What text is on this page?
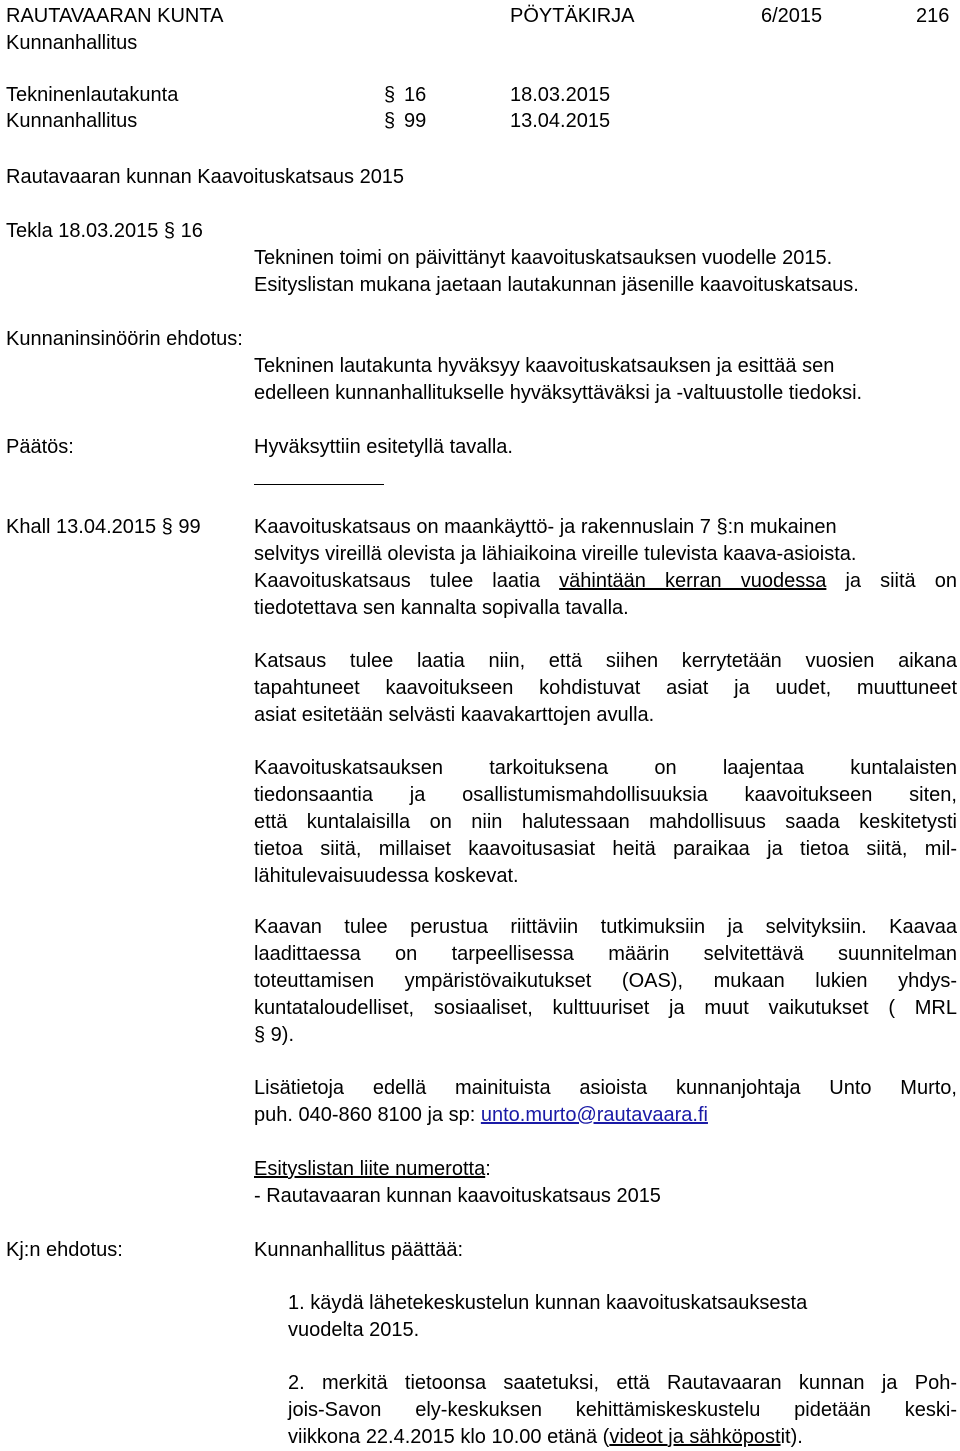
RAUTAVAARAN KUNTA	PÖYTÄKIRJA	6/2015	216
Kunnanhallitus
Tekninenlautakunta	§ 16	18.03.2015
Kunnanhallitus	§ 99	13.04.2015
Rautavaaran kunnan Kaavoituskatsaus 2015
Tekla 18.03.2015 § 16
Tekninen toimi on päivittänyt kaavoituskatsauksen vuodelle 2015.
Esityslistan mukana jaetaan lautakunnan jäsenille kaavoituskatsaus.
Kunnaninsinöörin ehdotus:
Tekninen lautakunta hyväksyy kaavoituskatsauksen ja esittää sen
edelleen kunnanhallitukselle hyväksyttäväksi ja -valtuustolle tiedoksi.
Päätös:	Hyväksyttiin esitetyllä tavalla.
Khall 13.04.2015 § 99	Kaavoituskatsaus on maankäyttö- ja rakennuslain 7 §:n mukainen
selvitys vireillä olevista ja lähiaikoina vireille tulevista kaava-asioista.
Kaavoituskatsaus tulee laatia vähintään kerran vuodessa ja siitä on
tiedotettava sen kannalta sopivalla tavalla.
Katsaus tulee laatia niin, että siihen kerrytetään vuosien aikana
tapahtuneet kaavoitukseen kohdistuvat asiat ja uudet, muuttuneet
asiat esitetään selvästi kaavakarttojen avulla.
Kaavoituskatsauksen tarkoituksena on laajentaa kuntalaisten
tiedonsaantia ja osallistumismahdollisuuksia kaavoitukseen siten,
että kuntalaisilla on niin halutessaan mahdollisuus saada keskitetysti
tietoa siitä, millaiset kaavoitusasiat heitä paraikaa ja tietoa siitä, mil-
lähitulevaisuudessa koskevat.
Kaavan tulee perustua riittäviin tutkimuksiin ja selvityksiin. Kaavaa
laadittaessa on tarpeellisessa määrin selvitettävä suunnitelman
toteuttamisen ympäristövaikutukset (OAS), mukaan lukien yhdys-
kuntataloudelliset, sosiaaliset, kulttuuriset ja muut vaikutukset ( MRL
§ 9).
Lisätietoja edellä mainituista asioista kunnanjohtaja Unto Murto,
puh. 040-860 8100 ja sp: unto.murto@rautavaara.fi
Esityslistan liite numerotta:
- Rautavaaran kunnan kaavoituskatsaus 2015
Kj:n ehdotus:	Kunnanhallitus päättää:
1. käydä lähetekeskustelun kunnan kaavoituskatsauksesta
vuodelta 2015.
2. merkitä tietoonsa saatetuksi, että Rautavaaran kunnan ja Poh-
jois-Savon ely-keskuksen kehittämiskeskustelu pidetään keski-
viikkona 22.4.2015 klo 10.00 etänä (videot ja sähköpostit).
